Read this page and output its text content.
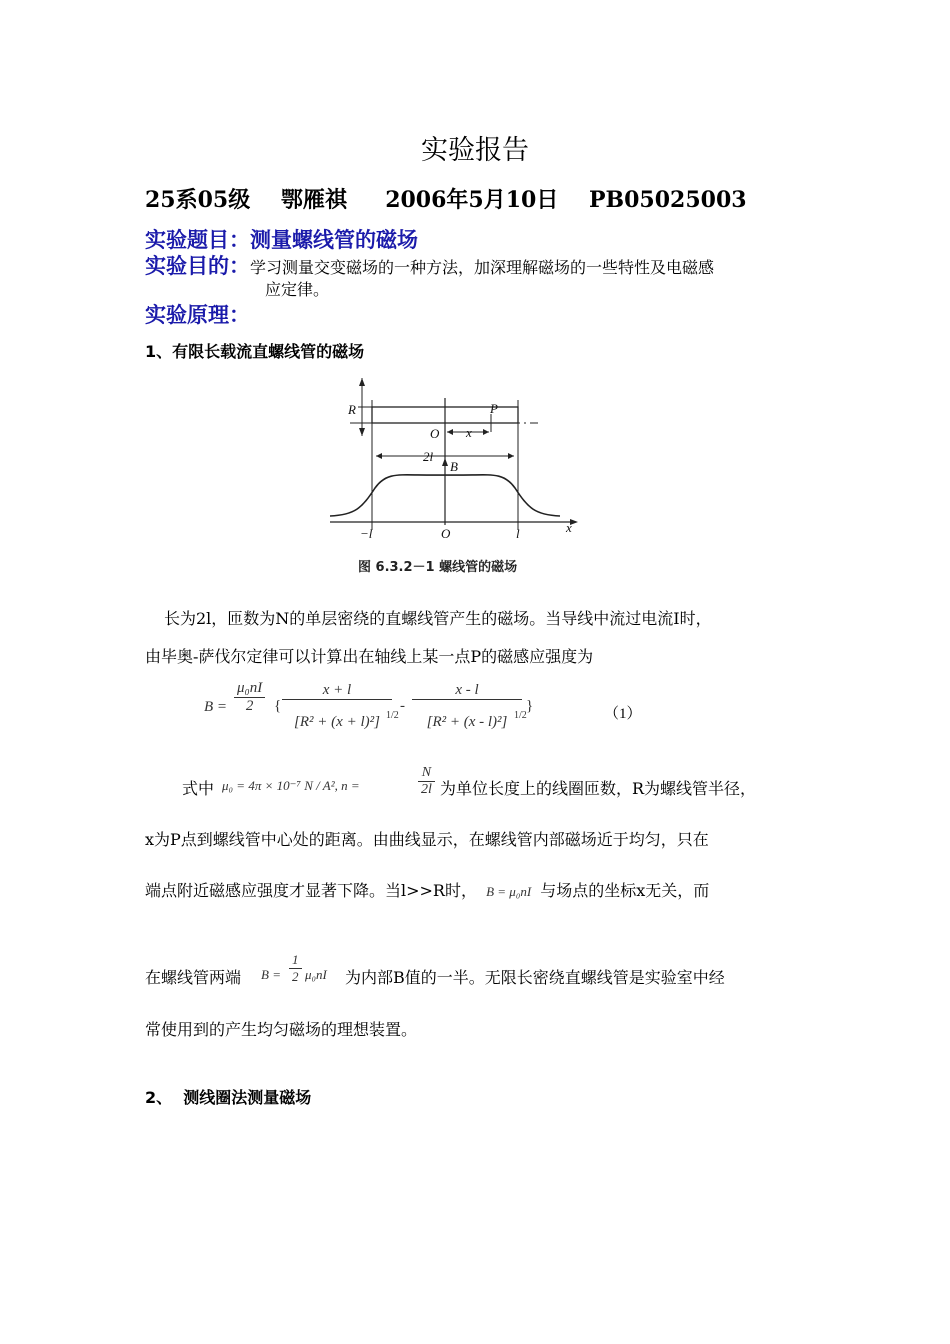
实验报告
25系05级 鄂雁祺 2006年5月10日 PB05025003
实验题目：测量螺线管的磁场
实验目的：学习测量交变磁场的一种方法，加深理解磁场的一些特性及电磁感
应定律。
实验原理：
1、有限长载流直螺线管的磁场
R	P
O x
2l
B
−l	O	l	x
图 6.3.2－1 螺线管的磁场
长为2l，匝数为N的单层密绕的直螺线管产生的磁场。当导线中流过电流I时，
由毕奥-萨伐尔定律可以计算出在轴线上某一点P的磁感应强度为
$B = \frac{\text{μ₀nI}}{2}$ { $\frac{x + l}{\text{[R² + (x + l)²]}}$
1/2
- $\frac{x - l}{\text{[R² + (x - l)²]}}$
1/2
}	（1）
式中 μ₀ = 4π × 10⁻⁷ N / A², n =	$\frac{N}{2l}$ 为单位长度上的线圈匝数，R为螺线管半径，
x为P点到螺线管中心处的距离。由曲线显示，在螺线管内部磁场近于均匀，只在
端点附近磁感应强度才显著下降。当l>>R时， B = μ₀nI 与场点的坐标x无关，而
在螺线管两端 $B = \frac{1}{2} \mu_0nI$ 为内部B值的一半。无限长密绕直螺线管是实验室中经
常使用到的产生均匀磁场的理想装置。
2、  测线圈法测量磁场
